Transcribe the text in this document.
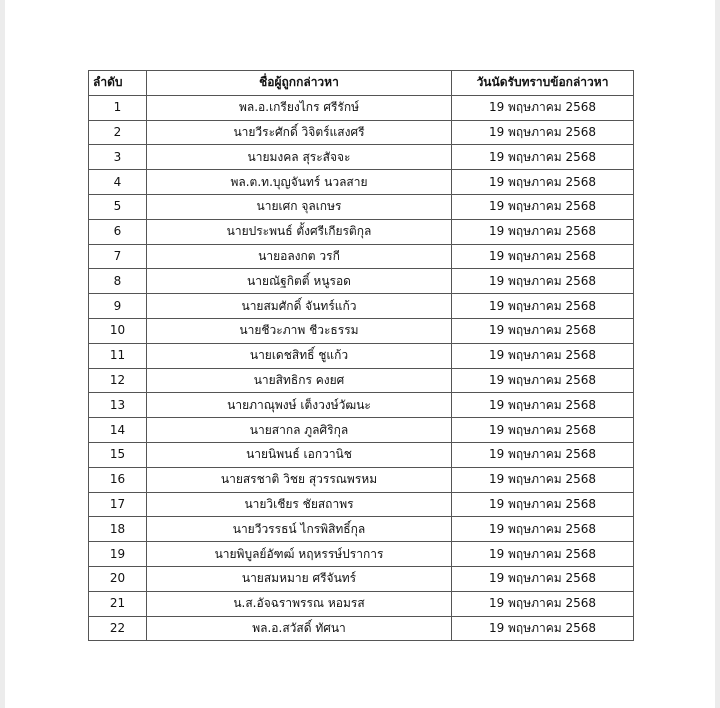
ลำดับ	ชื่อผู้ถูกกล่าวหา	วันนัดรับทราบข้อกล่าวหา
1	พล.อ.เกรียงไกร ศรีรักษ์	19 พฤษภาคม 2568
2	นายวีระศักดิ์ วิจิตร์แสงศรี	19 พฤษภาคม 2568
3	นายมงคล สุระสัจจะ	19 พฤษภาคม 2568
4	พล.ต.ท.บุญจันทร์ นวลสาย	19 พฤษภาคม 2568
5	นายเศก จุลเกษร	19 พฤษภาคม 2568
6	นายประพนธ์ ตั้งศรีเกียรติกุล	19 พฤษภาคม 2568
7	นายอลงกต วรกี	19 พฤษภาคม 2568
8	นายณัฐกิตติ์ หนูรอด	19 พฤษภาคม 2568
9	นายสมศักดิ์ จันทร์แก้ว	19 พฤษภาคม 2568
10	นายชีวะภาพ ชีวะธรรม	19 พฤษภาคม 2568
11	นายเดชสิทธิ์ ชูแก้ว	19 พฤษภาคม 2568
12	นายสิทธิกร คงยศ	19 พฤษภาคม 2568
13	นายภาณุพงษ์ เต็งวงษ์วัฒนะ	19 พฤษภาคม 2568
14	นายสากล ภูลศิริกุล	19 พฤษภาคม 2568
15	นายนิพนธ์ เอกวานิช	19 พฤษภาคม 2568
16	นายสรชาติ วิชย สุวรรณพรหม	19 พฤษภาคม 2568
17	นายวิเชียร ชัยสถาพร	19 พฤษภาคม 2568
18	นายวีวรรธน์ ไกรพิสิทธิ์กุล	19 พฤษภาคม 2568
19	นายพิบูลย์อัฑฒ์ หฤหรรษ์ปราการ	19 พฤษภาคม 2568
20	นายสมหมาย ศรีจันทร์	19 พฤษภาคม 2568
21	น.ส.อัจฉราพรรณ หอมรส	19 พฤษภาคม 2568
22	พล.อ.สวัสดิ์ ทัศนา	19 พฤษภาคม 2568
